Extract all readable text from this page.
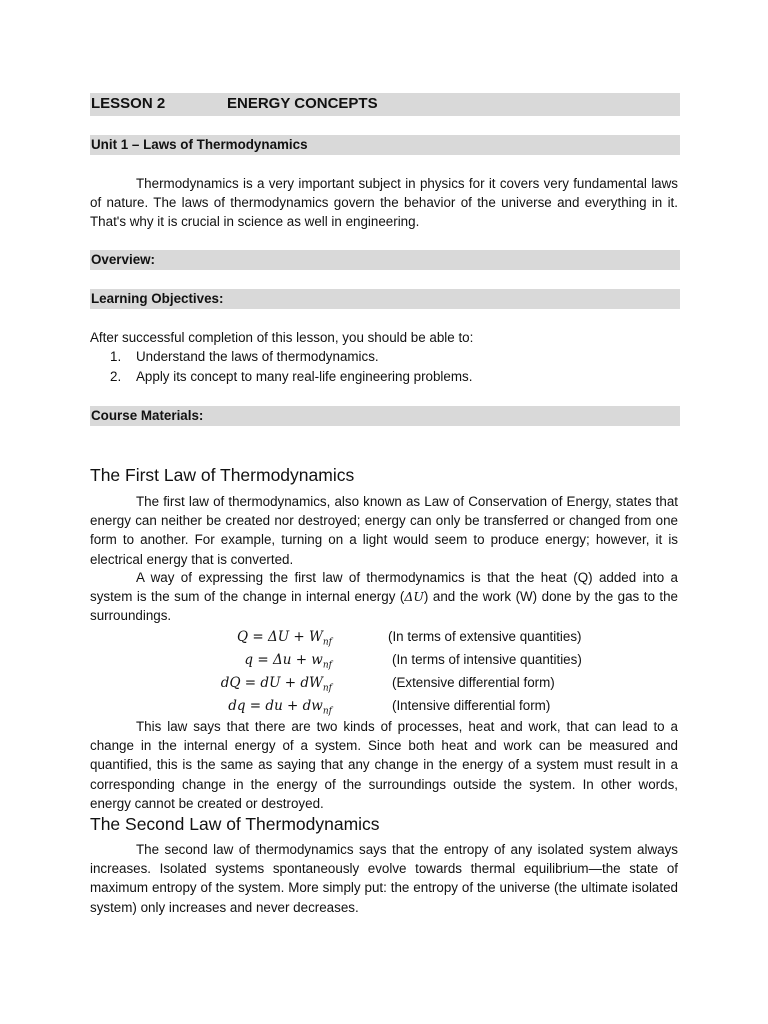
LESSON 2	ENERGY CONCEPTS
Unit 1 – Laws of Thermodynamics

Thermodynamics is a very important subject in physics for it covers very fundamental laws of nature. The laws of thermodynamics govern the behavior of the universe and everything in it. That's why it is crucial in science as well in engineering.

Overview:
Learning Objectives:

After successful completion of this lesson, you should be able to:

1. Understand the laws of thermodynamics.
2. Apply its concept to many real-life engineering problems.
Course Materials:
The First Law of Thermodynamics

The first law of thermodynamics, also known as Law of Conservation of Energy, states that energy can neither be created nor destroyed; energy can only be transferred or changed from one form to another. For example, turning on a light would seem to produce energy; however, it is electrical energy that is converted.

A way of expressing the first law of thermodynamics is that the heat (Q) added into a system is the sum of the change in internal energy (ΔU) and the work (W) done by the gas to the surroundings.

$Q = \Delta U + W_{nf}$	(In terms of extensive quantities)
$q = \Delta u + w_{nf}$	(In terms of intensive quantities)
dQ = dU + $dW_{nf}$	(Extensive differential form)
dq = du + $dw_{nf}$	(Intensive differential form)

This law says that there are two kinds of processes, heat and work, that can lead to a change in the internal energy of a system. Since both heat and work can be measured and quantified, this is the same as saying that any change in the energy of a system must result in a corresponding change in the energy of the surroundings outside the system. In other words, energy cannot be created or destroyed.

The Second Law of Thermodynamics

The second law of thermodynamics says that the entropy of any isolated system always increases. Isolated systems spontaneously evolve towards thermal equilibrium—the state of maximum entropy of the system. More simply put: the entropy of the universe (the ultimate isolated system) only increases and never decreases.
